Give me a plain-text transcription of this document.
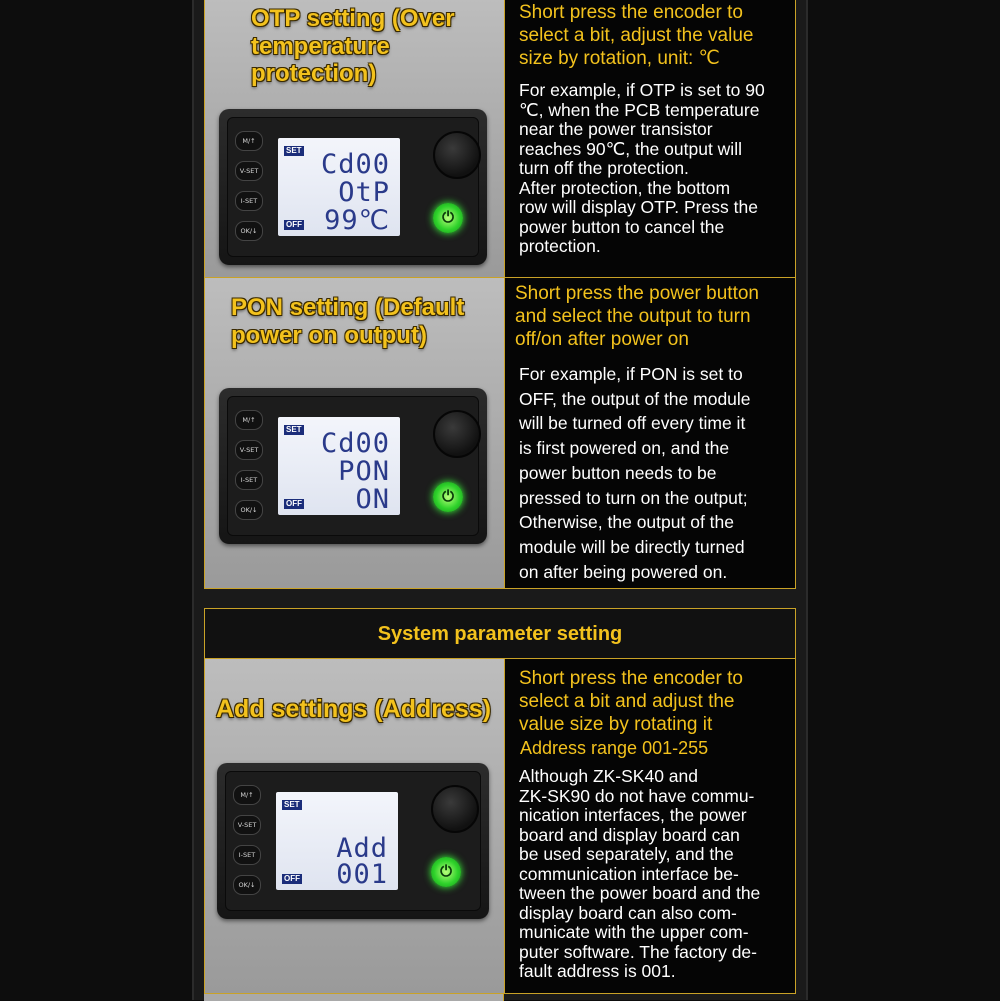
OTP setting (Over
temperature
protection)
M/↑
V-SET
I-SET
OK/↓
SET
OFF
Cd00
OtP
99℃	⏻
Short press the encoder to
select a bit, adjust the value
size by rotation, unit: ℃
For example, if OTP is set to 90
℃, when the PCB temperature
near the power transistor
reaches 90℃, the output will
turn off the protection.
After protection, the bottom
row will display OTP. Press the
power button to cancel the
protection.
PON setting (Default
power on output)
M/↑
V-SET
I-SET
OK/↓
SET
OFF
Cd00
PON
ON	⏻
Short press the power button
and select the output to turn
off/on after power on
For example, if PON is set to
OFF, the output of the module
will be turned off every time it
is first powered on, and the
power button needs to be
pressed to turn on the output;
Otherwise, the output of the
module will be directly turned
on after being powered on.
System parameter setting
Add settings (Address)
M/↑
V-SET
I-SET
OK/↓
SET
OFF
Add
001	⏻
Short press the encoder to
select a bit and adjust the
value size by rotating it
Address range 001-255
Although ZK-SK40 and
ZK-SK90 do not have commu-
nication interfaces, the power
board and display board can
be used separately, and the
communication interface be-
tween the power board and the
display board can also com-
municate with the upper com-
puter software. The factory de-
fault address is 001.
